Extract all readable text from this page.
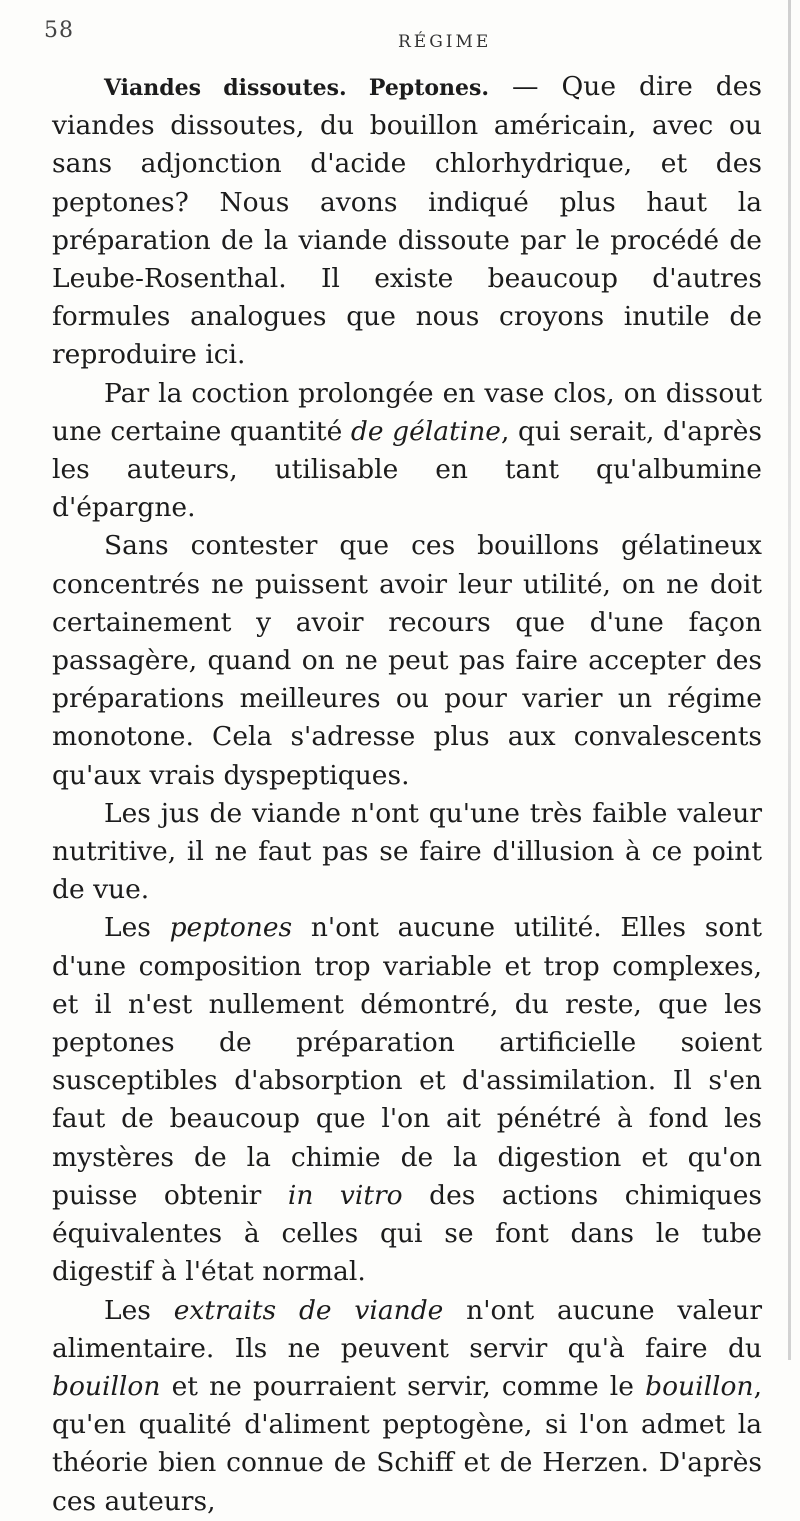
58	RÉGIME

Viandes dissoutes. Peptones. — Que dire des viandes dissoutes, du bouillon américain, avec ou sans adjonction d'acide chlorhydrique, et des peptones? Nous avons indiqué plus haut la préparation de la viande dissoute par le procédé de Leube-Rosenthal. Il existe beaucoup d'autres formules analogues que nous croyons inutile de reproduire ici.

Par la coction prolongée en vase clos, on dissout une certaine quantité de gélatine, qui serait, d'après les auteurs, utilisable en tant qu'albumine d'épargne.

Sans contester que ces bouillons gélatineux concentrés ne puissent avoir leur utilité, on ne doit certainement y avoir recours que d'une façon passagère, quand on ne peut pas faire accepter des préparations meilleures ou pour varier un régime monotone. Cela s'adresse plus aux convalescents qu'aux vrais dyspeptiques.

Les jus de viande n'ont qu'une très faible valeur nutritive, il ne faut pas se faire d'illusion à ce point de vue.

Les peptones n'ont aucune utilité. Elles sont d'une composition trop variable et trop complexes, et il n'est nullement démontré, du reste, que les peptones de préparation artificielle soient susceptibles d'absorption et d'assimilation. Il s'en faut de beaucoup que l'on ait pénétré à fond les mystères de la chimie de la digestion et qu'on puisse obtenir in vitro des actions chimiques équivalentes à celles qui se font dans le tube digestif à l'état normal.

Les extraits de viande n'ont aucune valeur alimentaire. Ils ne peuvent servir qu'à faire du bouillon et ne pourraient servir, comme le bouillon, qu'en qualité d'aliment peptogène, si l'on admet la théorie bien connue de Schiff et de Herzen. D'après ces auteurs,
